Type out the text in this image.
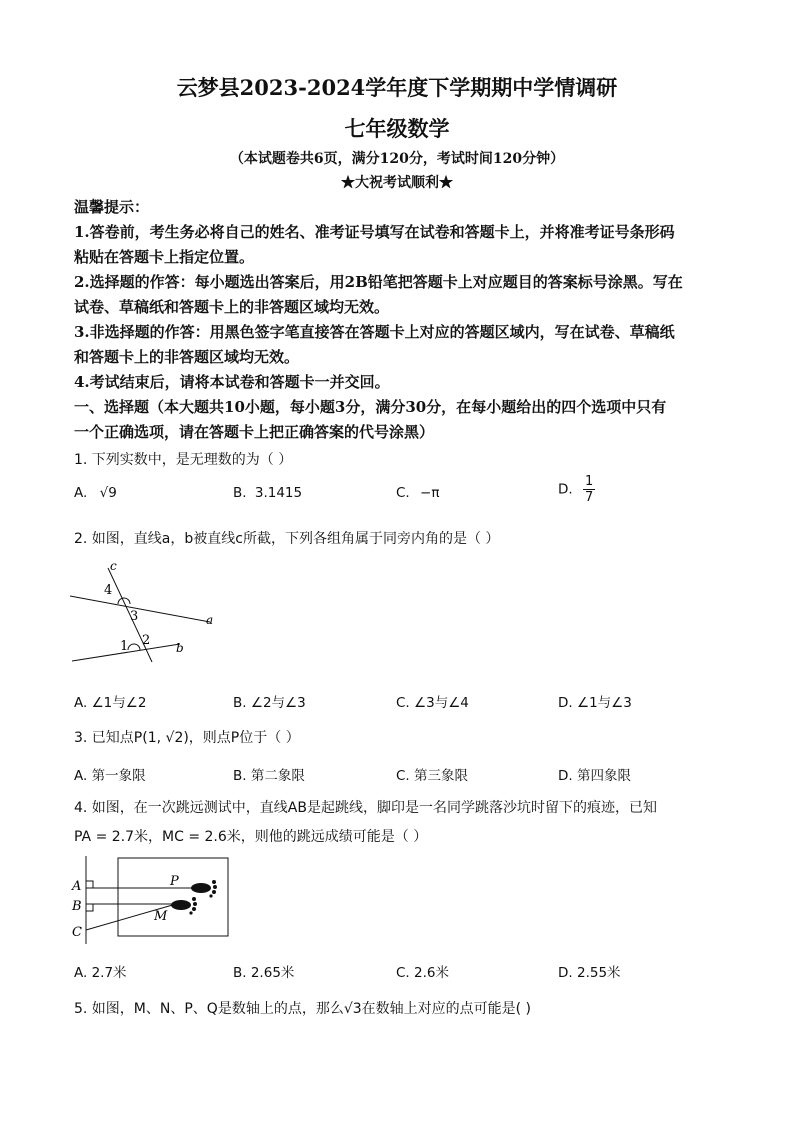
云梦县2023-2024学年度下学期期中学情调研
七年级数学
（本试题卷共6页，满分120分，考试时间120分钟）
★大祝考试顺利★
温馨提示：
1.答卷前，考生务必将自己的姓名、准考证号填写在试卷和答题卡上，并将准考证号条形码
粘贴在答题卡上指定位置。
2.选择题的作答：每小题选出答案后，用2B铅笔把答题卡上对应题目的答案标号涂黑。写在
试卷、草稿纸和答题卡上的非答题区域均无效。
3.非选择题的作答：用黑色签字笔直接答在答题卡上对应的答题区域内，写在试卷、草稿纸
和答题卡上的非答题区域均无效。
4.考试结束后，请将本试卷和答题卡一并交回。
一、选择题（本大题共10小题，每小题3分，满分30分，在每小题给出的四个选项中只有
一个正确选项，请在答题卡上把正确答案的代号涂黑）
1. 下列实数中，是无理数的为（ ）
A. √9	B. 3.1415	C. −π	D. $\frac{1}{7}$
2. 如图，直线a，b被直线c所截，下列各组角属于同旁内角的是（ ）
c
a
b
4
3
1 2
A. ∠1与∠2	B. ∠2与∠3	C. ∠3与∠4	D. ∠1与∠3
3. 已知点P(1, √2)，则点P位于（ ）
A. 第一象限	B. 第二象限	C. 第三象限	D. 第四象限
4. 如图，在一次跳远测试中，直线AB是起跳线，脚印是一名同学跳落沙坑时留下的痕迹，已知
PA = 2.7米，MC = 2.6米，则他的跳远成绩可能是（ ）
A
B
C
P
M
A. 2.7米	B. 2.65米	C. 2.6米	D. 2.55米
5. 如图，M、N、P、Q是数轴上的点，那么√3在数轴上对应的点可能是( )
